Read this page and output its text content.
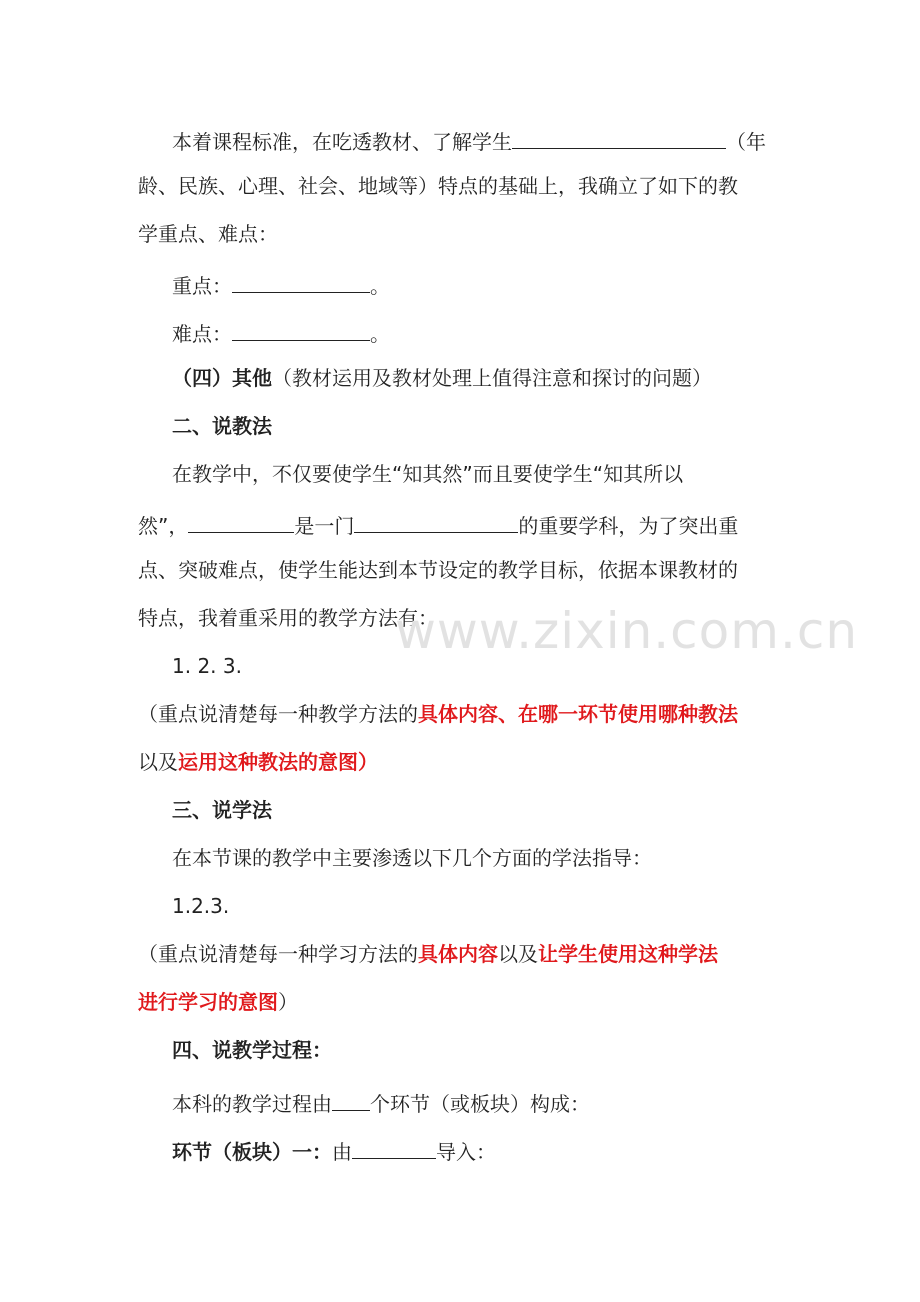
本着课程标准，在吃透教材、了解学生	（年
龄、民族、心理、社会、地域等）特点的基础上，我确立了如下的教
学重点、难点：
重点：	。
难点：	。
（四）其他（教材运用及教材处理上值得注意和探讨的问题）
二、说教法
在教学中，不仅要使学生“知其然”而且要使学生“知其所以
然”，	是一门	的重要学科，为了突出重
点、突破难点，使学生能达到本节设定的教学目标，依据本课教材的
特点，我着重采用的教学方法有：
1. 2. 3.
（重点说清楚每一种教学方法的具体内容、在哪一环节使用哪种教法
以及运用这种教法的意图）
三、说学法
在本节课的教学中主要渗透以下几个方面的学法指导：
1.2.3.
（重点说清楚每一种学习方法的具体内容以及让学生使用这种学法
进行学习的意图）
四、说教学过程：
本科的教学过程由 个环节（或板块）构成：
环节（板块）一：由	导入：
www.zixin.com.cn
